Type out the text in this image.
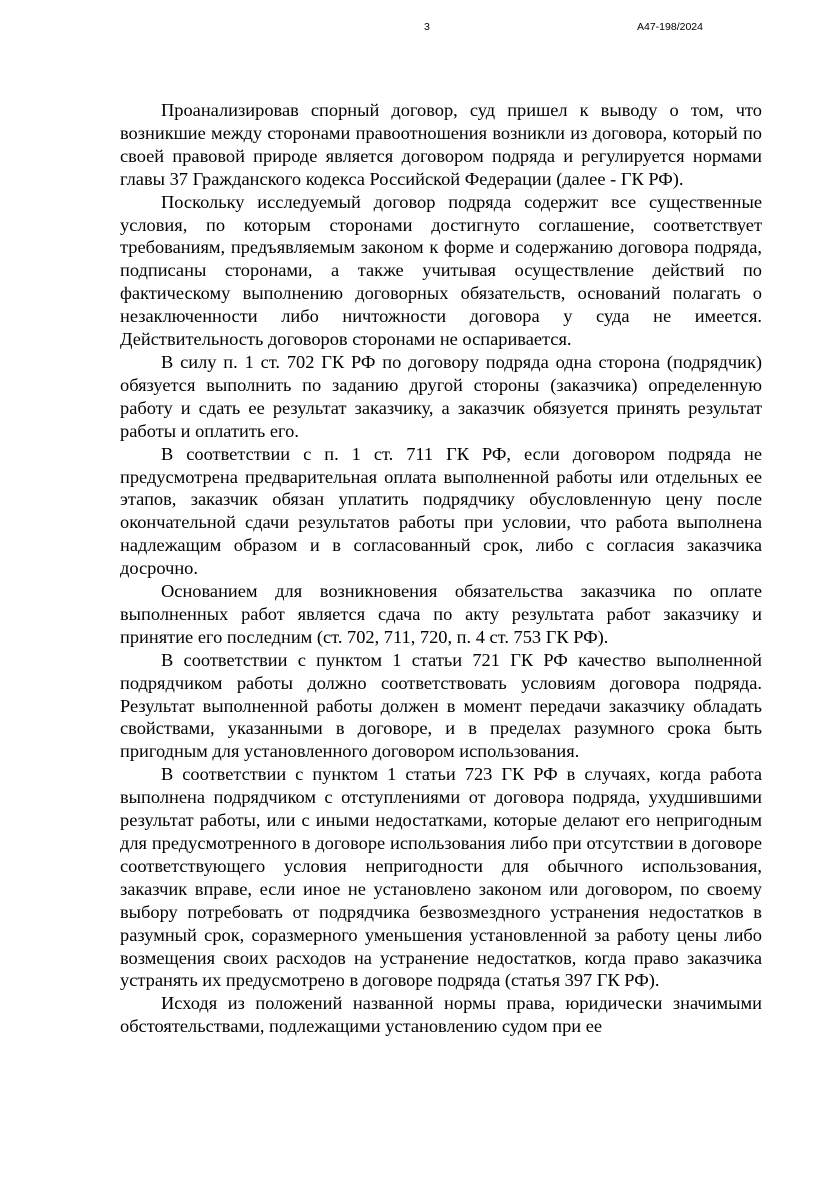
3	А47-198/2024

Проанализировав спорный договор, суд пришел к выводу о том, что возникшие между сторонами правоотношения возникли из договора, который по своей правовой природе является договором подряда и регулируется нормами главы 37 Гражданского кодекса Российской Федерации (далее - ГК РФ).

Поскольку исследуемый договор подряда содержит все существенные условия, по которым сторонами достигнуто соглашение, соответствует требованиям, предъявляемым законом к форме и содержанию договора подряда, подписаны сторонами, а также учитывая осуществление действий по фактическому выполнению договорных обязательств, оснований полагать о незаключенности либо ничтожности договора у суда не имеется. Действительность договоров сторонами не оспаривается.

В силу п. 1 ст. 702 ГК РФ по договору подряда одна сторона (подрядчик) обязуется выполнить по заданию другой стороны (заказчика) определенную работу и сдать ее результат заказчику, а заказчик обязуется принять результат работы и оплатить его.

В соответствии с п. 1 ст. 711 ГК РФ, если договором подряда не предусмотрена предварительная оплата выполненной работы или отдельных ее этапов, заказчик обязан уплатить подрядчику обусловленную цену после окончательной сдачи результатов работы при условии, что работа выполнена надлежащим образом и в согласованный срок, либо с согласия заказчика досрочно.

Основанием для возникновения обязательства заказчика по оплате выполненных работ является сдача по акту результата работ заказчику и принятие его последним (ст. 702, 711, 720, п. 4 ст. 753 ГК РФ).

В соответствии с пунктом 1 статьи 721 ГК РФ качество выполненной подрядчиком работы должно соответствовать условиям договора подряда. Результат выполненной работы должен в момент передачи заказчику обладать свойствами, указанными в договоре, и в пределах разумного срока быть пригодным для установленного договором использования.

В соответствии с пунктом 1 статьи 723 ГК РФ в случаях, когда работа выполнена подрядчиком с отступлениями от договора подряда, ухудшившими результат работы, или с иными недостатками, которые делают его непригодным для предусмотренного в договоре использования либо при отсутствии в договоре соответствующего условия непригодности для обычного использования, заказчик вправе, если иное не установлено законом или договором, по своему выбору потребовать от подрядчика безвозмездного устранения недостатков в разумный срок, соразмерного уменьшения установленной за работу цены либо возмещения своих расходов на устранение недостатков, когда право заказчика устранять их предусмотрено в договоре подряда (статья 397 ГК РФ).

Исходя из положений названной нормы права, юридически значимыми обстоятельствами, подлежащими установлению судом при ее
